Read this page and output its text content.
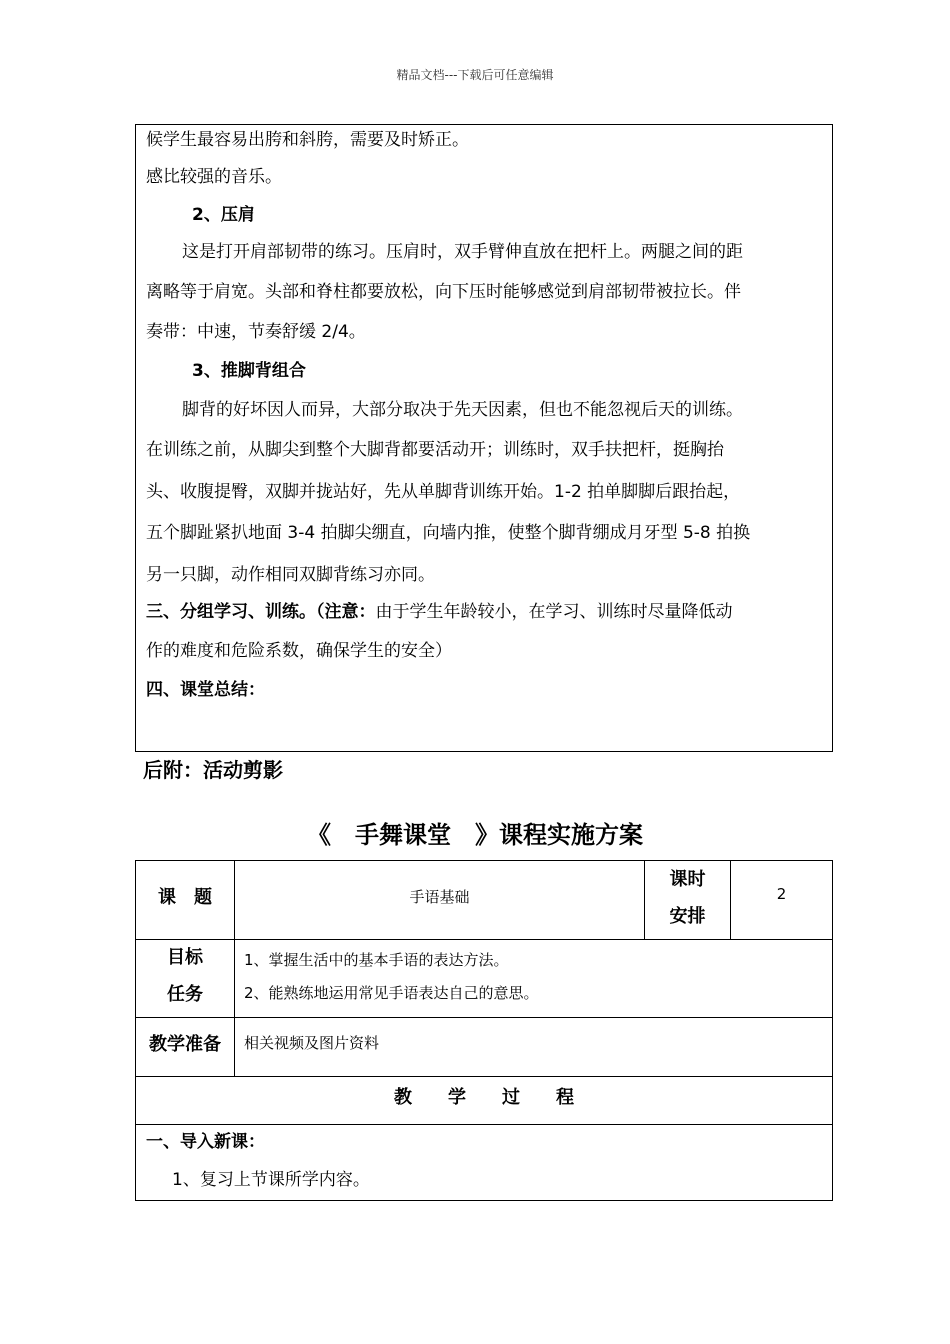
精品文档---下载后可任意编辑
候学生最容易出胯和斜胯，需要及时矫正。
感比较强的音乐。
2、压肩
这是打开肩部韧带的练习。压肩时，双手臂伸直放在把杆上。两腿之间的距
离略等于肩宽。头部和脊柱都要放松，向下压时能够感觉到肩部韧带被拉长。伴
奏带：中速，节奏舒缓 2/4。
3、推脚背组合
脚背的好坏因人而异，大部分取决于先天因素，但也不能忽视后天的训练。
在训练之前，从脚尖到整个大脚背都要活动开；训练时，双手扶把杆，挺胸抬
头、收腹提臀，双脚并拢站好，先从单脚背训练开始。1-2 拍单脚脚后跟抬起，
五个脚趾紧扒地面 3-4 拍脚尖绷直，向墙内推，使整个脚背绷成月牙型 5-8 拍换
另一只脚，动作相同双脚背练习亦同。
三、分组学习、训练。（注意：由于学生年龄较小，在学习、训练时尽量降低动
作的难度和危险系数，确保学生的安全）
四、课堂总结：
后附：活动剪影
《　手舞课堂　》课程实施方案
课　题	手语基础
课时
安排
2
目标
任务
1、掌握生活中的基本手语的表达方法。
2、能熟练地运用常见手语表达自己的意思。
教学准备	相关视频及图片资料
教　　学　　过　　程
一、导入新课：
1、复习上节课所学内容。
